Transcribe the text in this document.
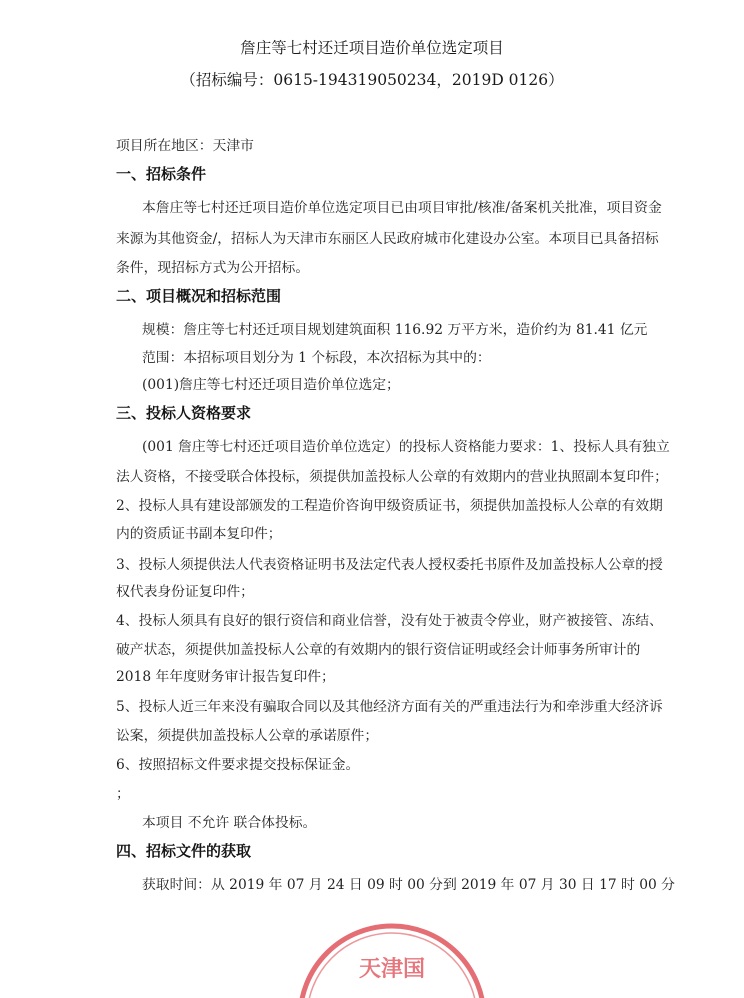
詹庄等七村还迁项目造价单位选定项目
（招标编号：0615-194319050234，2019D 0126）
项目所在地区：天津市
一、招标条件
本詹庄等七村还迁项目造价单位选定项目已由项目审批/核准/备案机关批准，项目资金
来源为其他资金/，招标人为天津市东丽区人民政府城市化建设办公室。本项目已具备招标
条件，现招标方式为公开招标。
二、项目概况和招标范围
规模：詹庄等七村还迁项目规划建筑面积 116.92 万平方米，造价约为 81.41 亿元
范围：本招标项目划分为 1 个标段，本次招标为其中的：
(001)詹庄等七村还迁项目造价单位选定；
三、投标人资格要求
(001 詹庄等七村还迁项目造价单位选定）的投标人资格能力要求：1、投标人具有独立
法人资格，不接受联合体投标，须提供加盖投标人公章的有效期内的营业执照副本复印件；
2、投标人具有建设部颁发的工程造价咨询甲级资质证书，须提供加盖投标人公章的有效期
内的资质证书副本复印件；
3、投标人须提供法人代表资格证明书及法定代表人授权委托书原件及加盖投标人公章的授
权代表身份证复印件；
4、投标人须具有良好的银行资信和商业信誉，没有处于被责令停业，财产被接管、冻结、
破产状态，须提供加盖投标人公章的有效期内的银行资信证明或经会计师事务所审计的
2018 年年度财务审计报告复印件；
5、投标人近三年来没有骗取合同以及其他经济方面有关的严重违法行为和牵涉重大经济诉
讼案，须提供加盖投标人公章的承诺原件；
6、按照招标文件要求提交投标保证金。
；
本项目 不允许 联合体投标。
四、招标文件的获取
获取时间：从 2019 年 07 月 24 日 09 时 00 分到 2019 年 07 月 30 日 17 时 00 分
天津国
